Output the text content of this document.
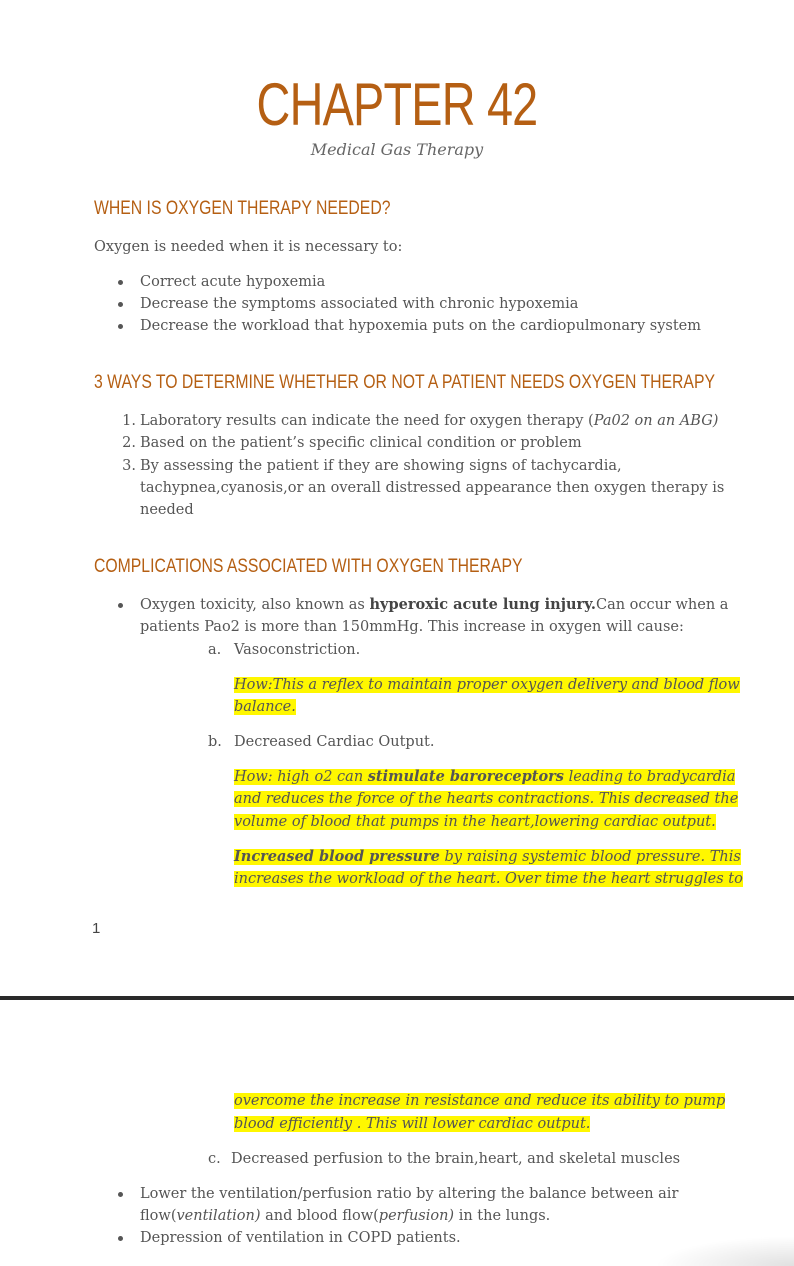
CHAPTER 42
Medical Gas Therapy
WHEN IS OXYGEN THERAPY NEEDED?
Oxygen is needed when it is necessary to:
Correct acute hypoxemia
Decrease the symptoms associated with chronic hypoxemia
Decrease the workload that hypoxemia puts on the cardiopulmonary system
3 WAYS TO DETERMINE WHETHER OR NOT A PATIENT NEEDS OXYGEN THERAPY
1. Laboratory results can indicate the need for oxygen therapy (Pa02 on an ABG)
2. Based on the patient’s specific clinical condition or problem
3. By assessing the patient if they are showing signs of tachycardia,
tachypnea,cyanosis,or an overall distressed appearance then oxygen therapy is
needed
COMPLICATIONS ASSOCIATED WITH OXYGEN THERAPY
Oxygen toxicity, also known as hyperoxic acute lung injury.Can occur when a
patients Pao2 is more than 150mmHg. This increase in oxygen will cause:
a. Vasoconstriction.
How:This a reflex to maintain proper oxygen delivery and blood flow
balance.
b. Decreased Cardiac Output.
How: high o2 can stimulate baroreceptors leading to bradycardia
and reduces the force of the hearts contractions. This decreased the
volume of blood that pumps in the heart,lowering cardiac output.
Increased blood pressure by raising systemic blood pressure. This
increases the workload of the heart. Over time the heart struggles to
1
overcome the increase in resistance and reduce its ability to pump
blood efficiently . This will lower cardiac output.
c. Decreased perfusion to the brain,heart, and skeletal muscles
Lower the ventilation/perfusion ratio by altering the balance between air
flow(ventilation) and blood flow(perfusion) in the lungs.
Depression of ventilation in COPD patients.
